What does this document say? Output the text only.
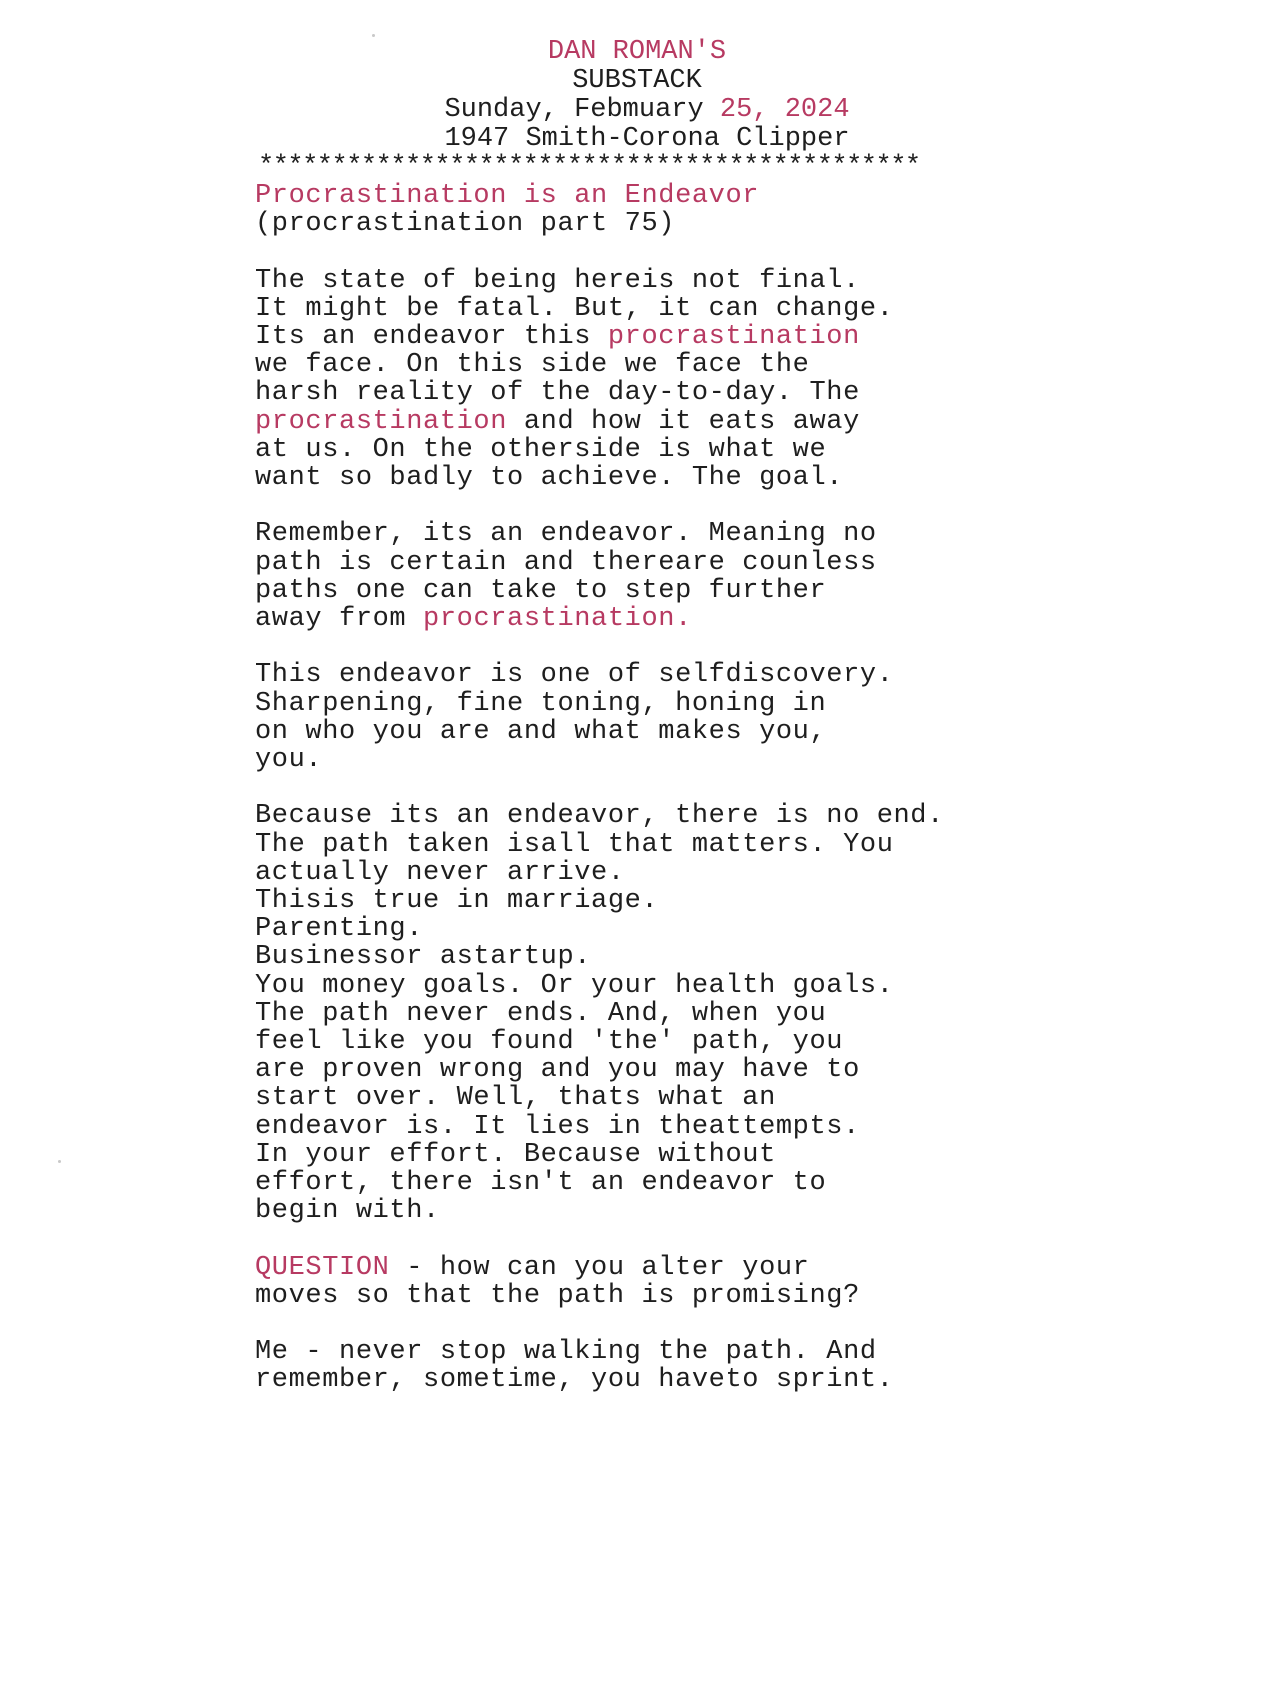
DAN ROMAN'S
SUBSTACK
Sunday, Febmuary 25, 2024
1947 Smith-Corona Clipper
*********************************************
Procrastination is an Endeavor
(procrastination part 75)
The state of being hereis not final.
It might be fatal. But, it can change.
Its an endeavor this procrastination
we face. On this side we face the
harsh reality of the day-to-day. The
procrastination and how it eats away
at us. On the otherside is what we
want so badly to achieve. The goal.
Remember, its an endeavor. Meaning no
path is certain and thereare counless
paths one can take to step further
away from procrastination.
This endeavor is one of selfdiscovery.
Sharpening, fine toning, honing in
on who you are and what makes you,
you.
Because its an endeavor, there is no end.
The path taken isall that matters. You
actually never arrive.
Thisis true in marriage.
Parenting.
Businessor astartup.
You money goals. Or your health goals.
The path never ends. And, when you
feel like you found 'the' path, you
are proven wrong and you may have to
start over. Well, thats what an
endeavor is. It lies in theattempts.
In your effort. Because without
effort, there isn't an endeavor to
begin with.
QUESTION - how can you alter your
moves so that the path is promising?
Me - never stop walking the path. And
remember, sometime, you haveto sprint.
